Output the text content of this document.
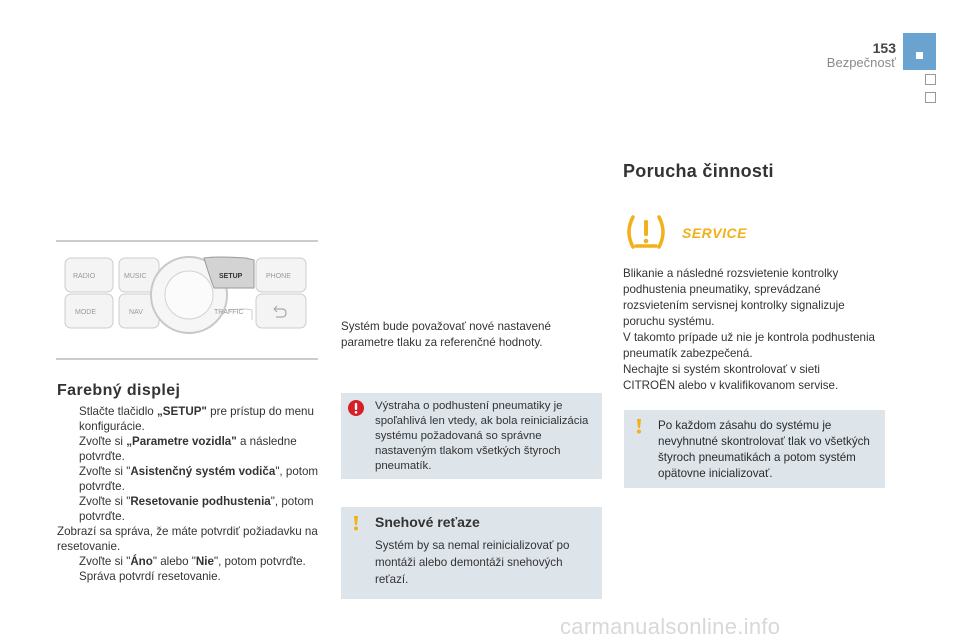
153
Bezpečnosť
RADIO	MUSIC	SETUP	PHONE
MODE	NAV	TRAFFIC
Farebný displej
Stlačte tlačidlo „SETUP" pre prístup do menu konfigurácie.
Zvoľte si „Parametre vozidla" a následne potvrďte.
Zvoľte si "Asistenčný systém vodiča", potom potvrďte.
Zvoľte si "Resetovanie podhustenia", potom potvrďte.
Zobrazí sa správa, že máte potvrdiť požiadavku na resetovanie.
Zvoľte si "Áno" alebo "Nie", potom potvrďte. Správa potvrdí resetovanie.
Systém bude považovať nové nastavené parametre tlaku za referenčné hodnoty.
Výstraha o podhustení pneumatiky je spoľahlivá len vtedy, ak bola reinicializácia systému požadovaná so správne nastaveným tlakom všetkých štyroch pneumatík.
Snehové reťaze
Systém by sa nemal reinicializovať po montáži alebo demontáži snehových reťazí.
Porucha činnosti
SERVICE
Blikanie a následné rozsvietenie kontrolky podhustenia pneumatiky, sprevádzané rozsvietením servisnej kontrolky signalizuje poruchu systému.
V takomto prípade už nie je kontrola podhustenia pneumatík zabezpečená.
Nechajte si systém skontrolovať v sieti CITROËN alebo v kvalifikovanom servise.
Po každom zásahu do systému je nevyhnutné skontrolovať tlak vo všetkých štyroch pneumatikách a potom systém opätovne inicializovať.
carmanualsonline.info
